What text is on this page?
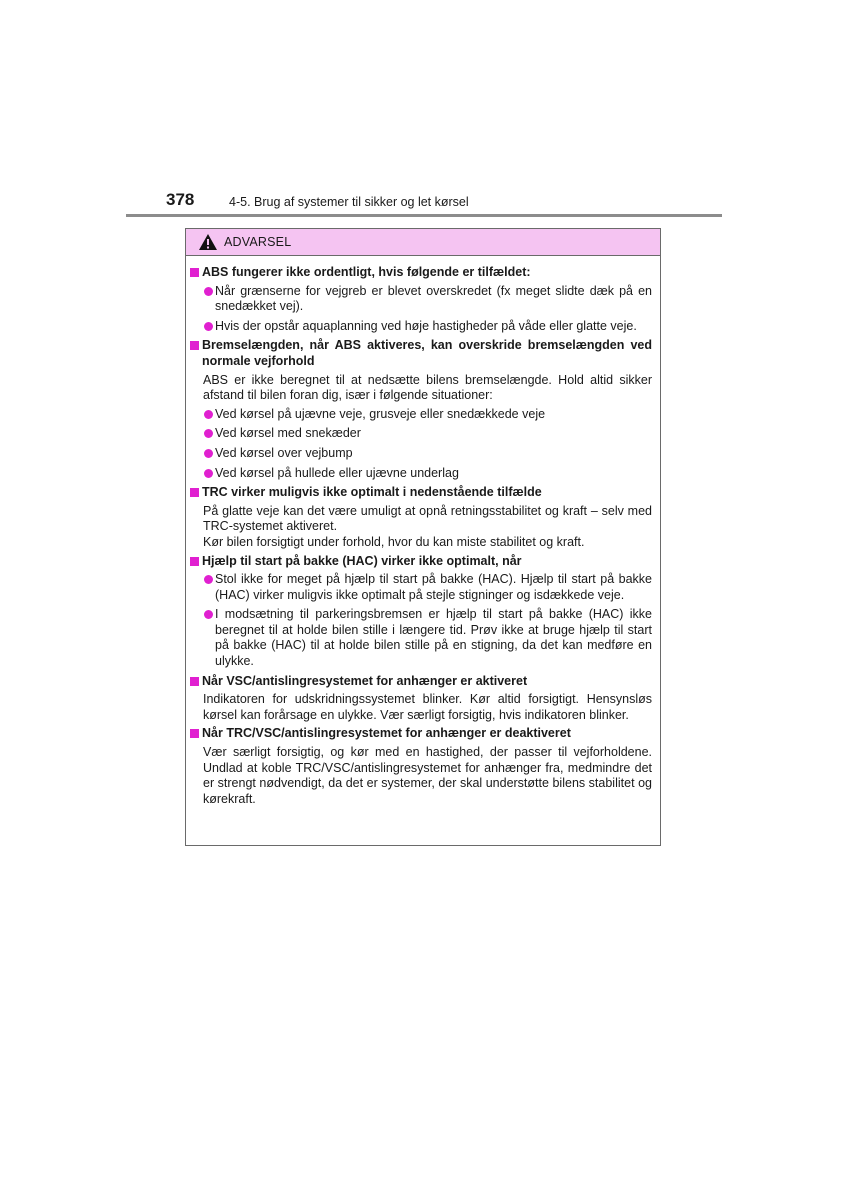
378	4-5. Brug af systemer til sikker og let kørsel
ADVARSEL
ABS fungerer ikke ordentligt, hvis følgende er tilfældet:
Når grænserne for vejgreb er blevet overskredet (fx meget slidte dæk på en snedækket vej).
Hvis der opstår aquaplanning ved høje hastigheder på våde eller glatte veje.
Bremselængden, når ABS aktiveres, kan overskride bremselængden ved normale vejforhold
ABS er ikke beregnet til at nedsætte bilens bremselængde. Hold altid sikker afstand til bilen foran dig, især i følgende situationer:
Ved kørsel på ujævne veje, grusveje eller snedækkede veje
Ved kørsel med snekæder
Ved kørsel over vejbump
Ved kørsel på hullede eller ujævne underlag
TRC virker muligvis ikke optimalt i nedenstående tilfælde
På glatte veje kan det være umuligt at opnå retningsstabilitet og kraft – selv med TRC-systemet aktiveret.
Kør bilen forsigtigt under forhold, hvor du kan miste stabilitet og kraft.
Hjælp til start på bakke (HAC) virker ikke optimalt, når
Stol ikke for meget på hjælp til start på bakke (HAC). Hjælp til start på bakke (HAC) virker muligvis ikke optimalt på stejle stigninger og isdækkede veje.
I modsætning til parkeringsbremsen er hjælp til start på bakke (HAC) ikke beregnet til at holde bilen stille i længere tid. Prøv ikke at bruge hjælp til start på bakke (HAC) til at holde bilen stille på en stigning, da det kan medføre en ulykke.
Når VSC/antislingresystemet for anhænger er aktiveret
Indikatoren for udskridningssystemet blinker. Kør altid forsigtigt. Hensynsløs kørsel kan forårsage en ulykke. Vær særligt forsigtig, hvis indikatoren blinker.
Når TRC/VSC/antislingresystemet for anhænger er deaktiveret
Vær særligt forsigtig, og kør med en hastighed, der passer til vejforholdene. Undlad at koble TRC/VSC/antislingresystemet for anhænger fra, medmindre det er strengt nødvendigt, da det er systemer, der skal understøtte bilens stabilitet og kørekraft.
